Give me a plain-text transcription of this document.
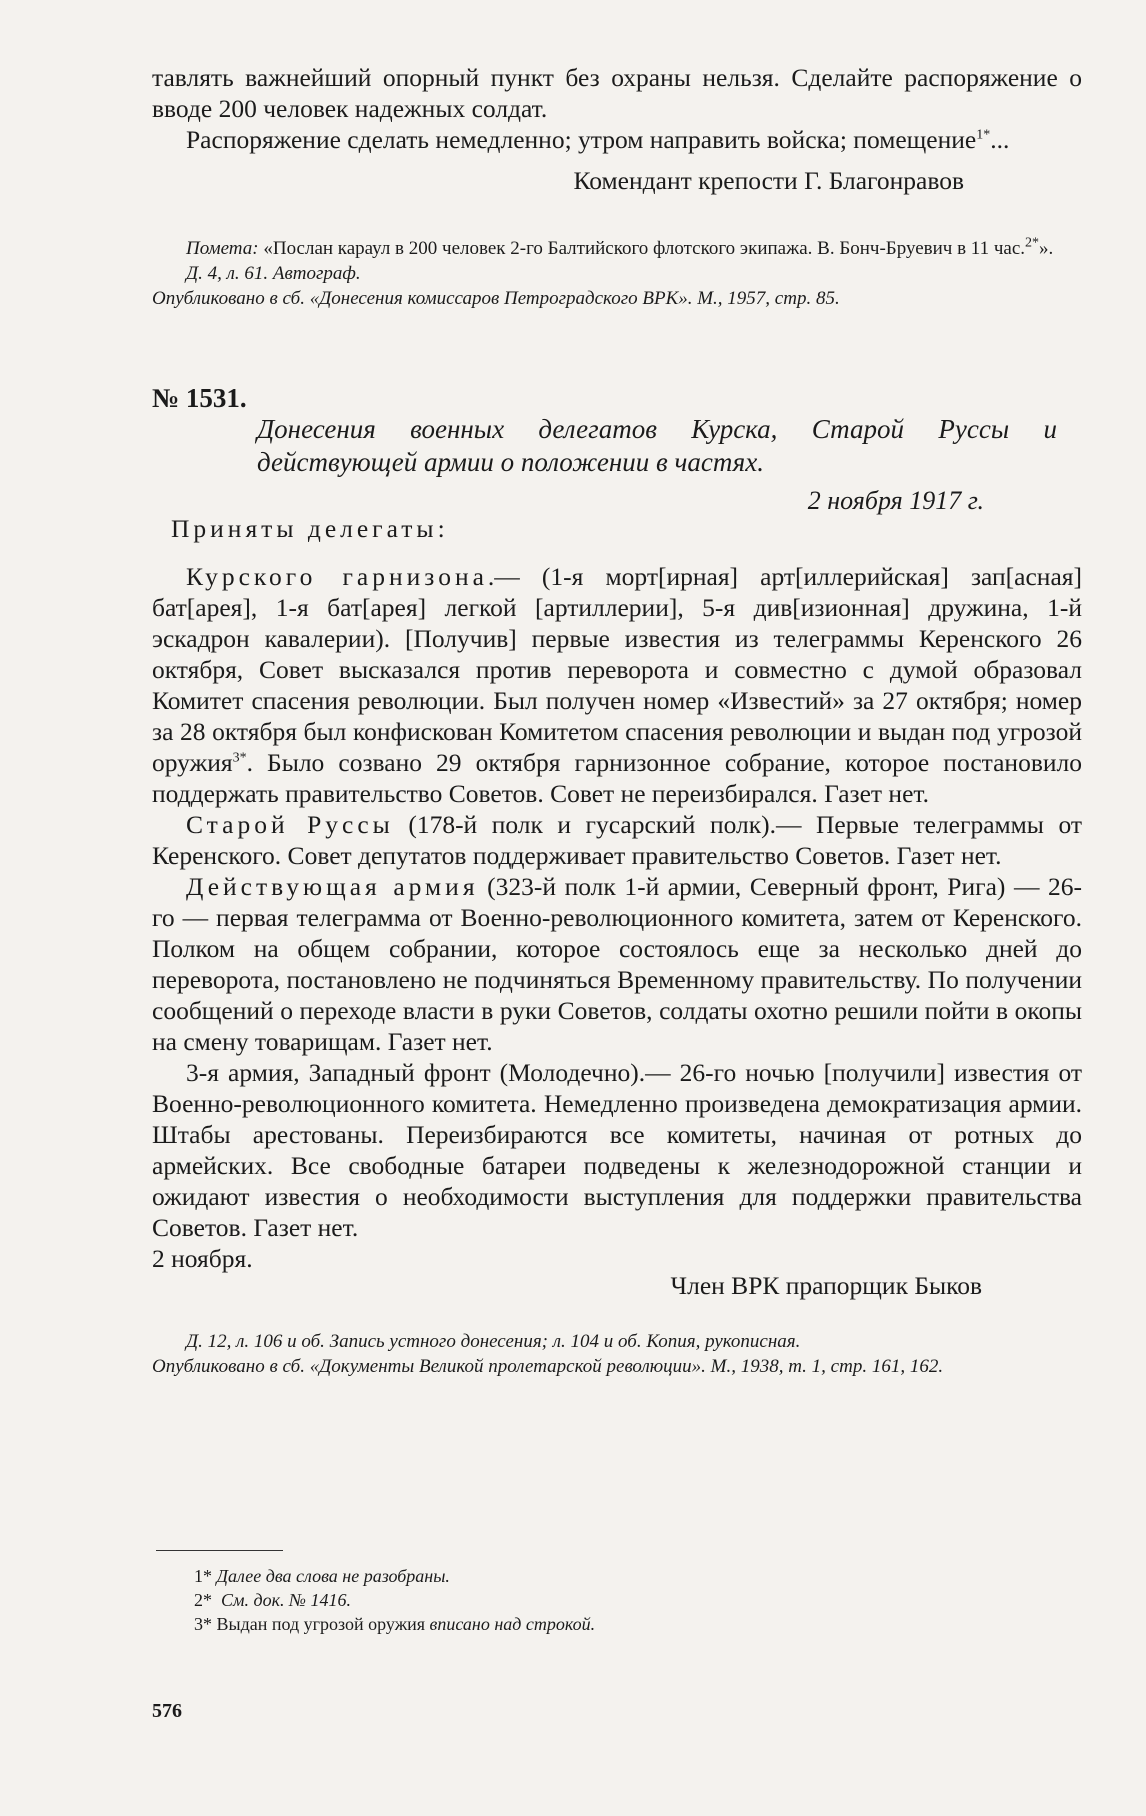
тавлять важнейший опорный пункт без охраны нельзя. Сделайте распоряжение о вводе 200 человек надежных солдат.

Распоряжение сделать немедленно; утром направить войска; помещение$^{1*}$...

Комендант крепости Г. Благонравов

Помета: «Послан караул в 200 человек 2-го Балтийского флотского экипажа. В. Бонч-Бруевич в 11 час.$^{2*}$».

Д. 4, л. 61. Автограф.

Опубликовано в сб. «Донесения комиссаров Петроградского ВРК». М., 1957, стр. 85.

№ 1531.
Донесения военных делегатов Курска, Старой Руссы и действующей армии о положении в частях.

2 ноября 1917 г.

Приняты делегаты:

Курского гарнизона.— (1-я морт[ирная] арт[иллерийская] зап[асная] бат[арея], 1-я бат[арея] легкой [артиллерии], 5-я див[изионная] дружина, 1-й эскадрон кавалерии). [Получив] первые известия из телеграммы Керенского 26 октября, Совет высказался против переворота и совместно с думой образовал Комитет спасения революции. Был получен номер «Известий» за 27 октября; номер за 28 октября был конфискован Комитетом спасения революции и выдан под угрозой оружия$^{3*}$. Было созвано 29 октября гарнизонное собрание, которое постановило поддержать правительство Советов. Совет не переизбирался. Газет нет.

Старой Руссы (178-й полк и гусарский полк).— Первые телеграммы от Керенского. Совет депутатов поддерживает правительство Советов. Газет нет.

Действующая армия (323-й полк 1-й армии, Северный фронт, Рига) — 26-го — первая телеграмма от Военно-революционного комитета, затем от Керенского. Полком на общем собрании, которое состоялось еще за несколько дней до переворота, постановлено не подчиняться Временному правительству. По получении сообщений о переходе власти в руки Советов, солдаты охотно решили пойти в окопы на смену товарищам. Газет нет.

3-я армия, Западный фронт (Молодечно).— 26-го ночью [получили] известия от Военно-революционного комитета. Немедленно произведена демократизация армии. Штабы арестованы. Переизбираются все комитеты, начиная от ротных до армейских. Все свободные батареи подведены к железнодорожной станции и ожидают известия о необходимости выступления для поддержки правительства Советов. Газет нет.

2 ноября.

Член ВРК прапорщик Быков

Д. 12, л. 106 и об. Запись устного донесения; л. 104 и об. Копия, рукописная.

Опубликовано в сб. «Документы Великой пролетарской революции». М., 1938, т. 1, стр. 161, 162.

1* Далее два слова не разобраны.

2* См. док. № 1416.

3* Выдан под угрозой оружия вписано над строкой.

576
